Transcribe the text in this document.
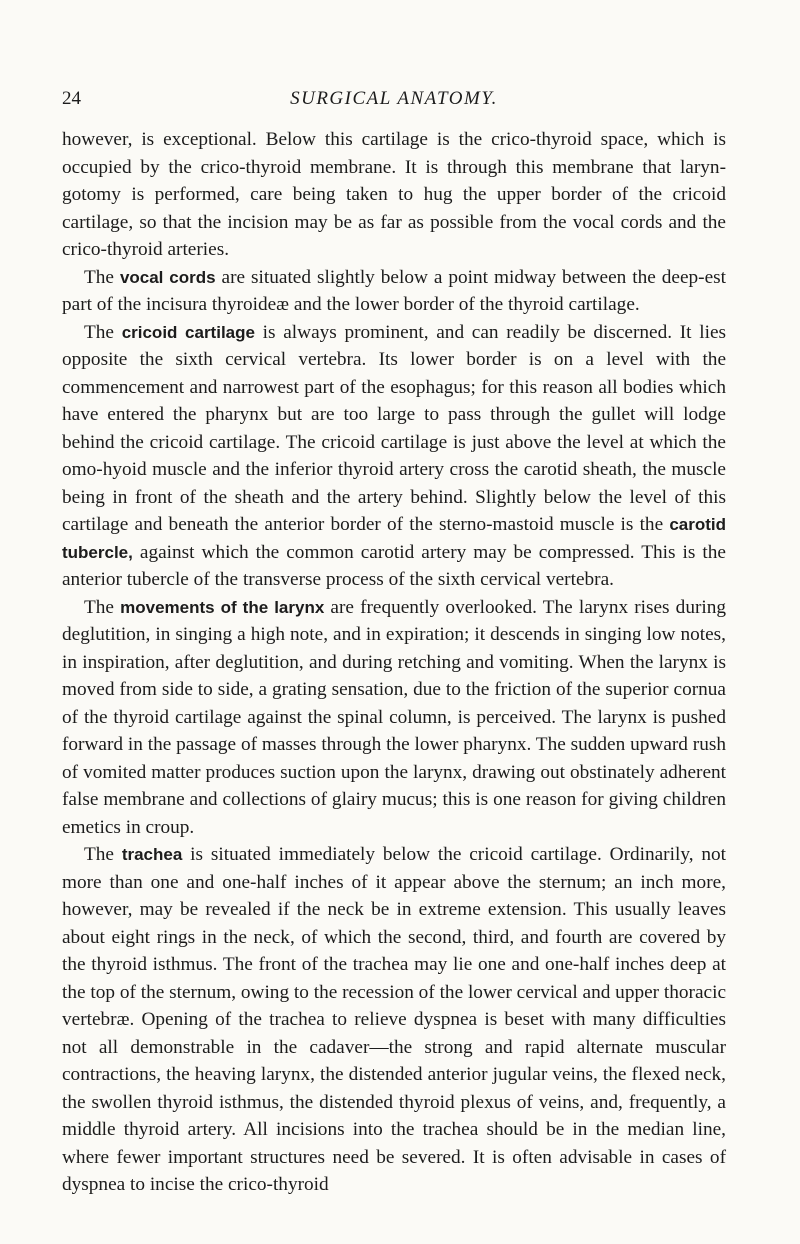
24	SURGICAL ANATOMY.

however, is exceptional. Below this cartilage is the crico-thyroid space, which is occupied by the crico-thyroid membrane. It is through this membrane that laryn-gotomy is performed, care being taken to hug the upper border of the cricoid cartilage, so that the incision may be as far as possible from the vocal cords and the crico-thyroid arteries.

The vocal cords are situated slightly below a point midway between the deep-est part of the incisura thyroideæ and the lower border of the thyroid cartilage.

The cricoid cartilage is always prominent, and can readily be discerned. It lies opposite the sixth cervical vertebra. Its lower border is on a level with the commencement and narrowest part of the esophagus; for this reason all bodies which have entered the pharynx but are too large to pass through the gullet will lodge behind the cricoid cartilage. The cricoid cartilage is just above the level at which the omo-hyoid muscle and the inferior thyroid artery cross the carotid sheath, the muscle being in front of the sheath and the artery behind. Slightly below the level of this cartilage and beneath the anterior border of the sterno-mastoid muscle is the carotid tubercle, against which the common carotid artery may be compressed. This is the anterior tubercle of the transverse process of the sixth cervical vertebra.

The movements of the larynx are frequently overlooked. The larynx rises during deglutition, in singing a high note, and in expiration; it descends in singing low notes, in inspiration, after deglutition, and during retching and vomiting. When the larynx is moved from side to side, a grating sensation, due to the friction of the superior cornua of the thyroid cartilage against the spinal column, is perceived. The larynx is pushed forward in the passage of masses through the lower pharynx. The sudden upward rush of vomited matter produces suction upon the larynx, drawing out obstinately adherent false membrane and collections of glairy mucus; this is one reason for giving children emetics in croup.

The trachea is situated immediately below the cricoid cartilage. Ordinarily, not more than one and one-half inches of it appear above the sternum; an inch more, however, may be revealed if the neck be in extreme extension. This usually leaves about eight rings in the neck, of which the second, third, and fourth are covered by the thyroid isthmus. The front of the trachea may lie one and one-half inches deep at the top of the sternum, owing to the recession of the lower cervical and upper thoracic vertebræ. Opening of the trachea to relieve dyspnea is beset with many difficulties not all demonstrable in the cadaver—the strong and rapid alternate muscular contractions, the heaving larynx, the distended anterior jugular veins, the flexed neck, the swollen thyroid isthmus, the distended thyroid plexus of veins, and, frequently, a middle thyroid artery. All incisions into the trachea should be in the median line, where fewer important structures need be severed. It is often advisable in cases of dyspnea to incise the crico-thyroid
